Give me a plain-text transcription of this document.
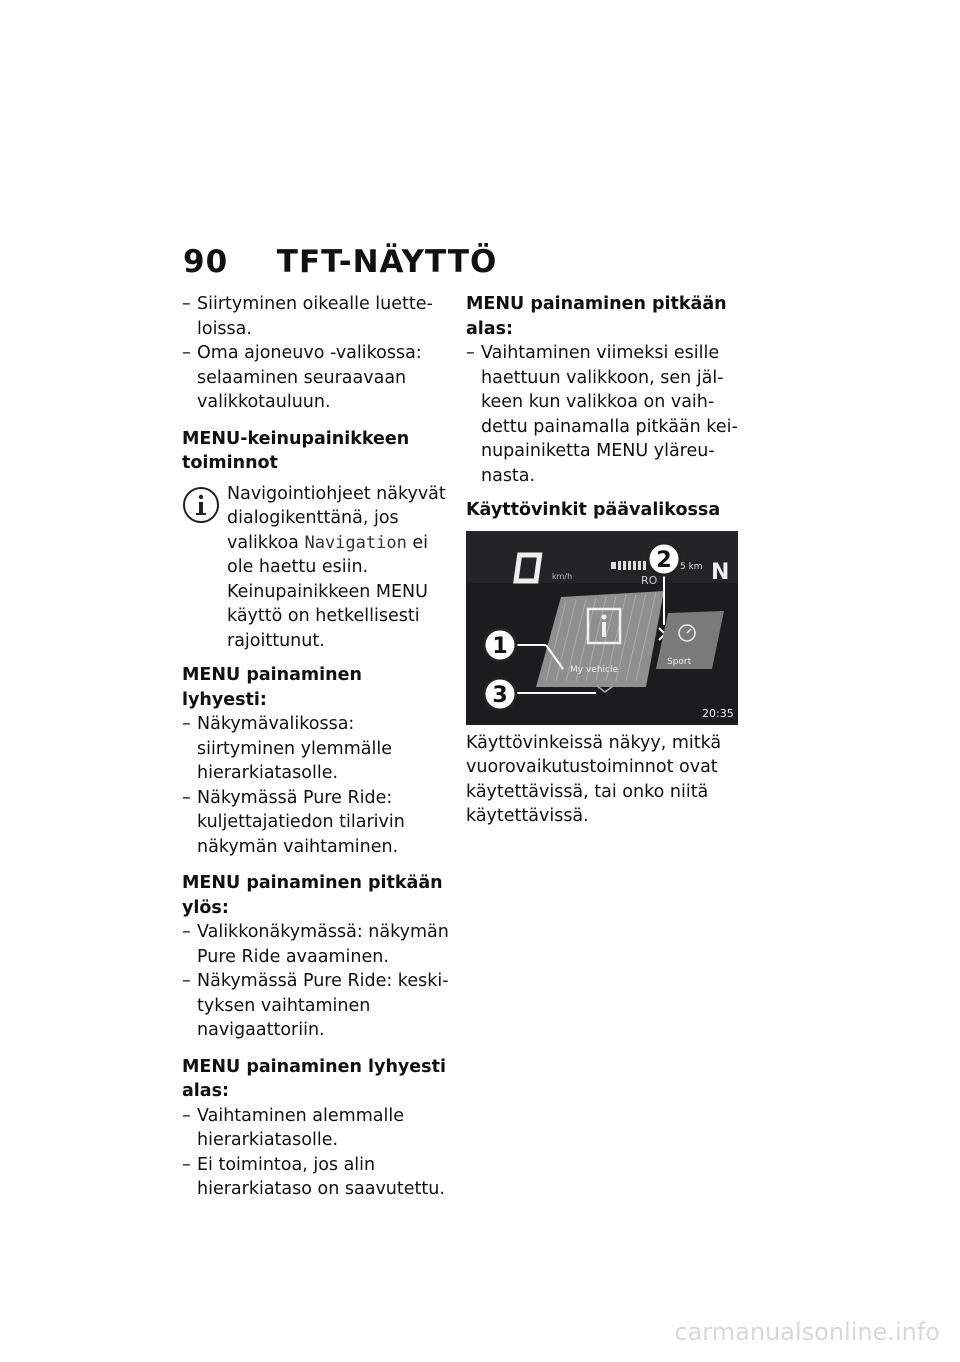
90 TFT-NÄYTTÖ

– Siirtyminen oikealle luetteloissa.

– Oma ajoneuvo -valikossa: selaaminen seuraavaan valikkotauluun.

MENU-keinupainikkeen toiminnot

Navigointiohjeet näkyvät dialogikenttänä, jos valikkoa Navigation ei ole haettu esiin. Keinupainikkeen MENU käyttö on hetkellisesti rajoittunut.

MENU painaminen lyhyesti:

– Näkymävalikossa: siirtyminen ylemmälle hierarkiatasolle.

– Näkymässä Pure Ride: kuljettajatiedon tilarivin näkymän vaihtaminen.

MENU painaminen pitkään ylös:

– Valikkonäkymässä: näkymän Pure Ride avaaminen.

– Näkymässä Pure Ride: keskityksen vaihtaminen navigaattoriin.

MENU painaminen lyhyesti alas:

– Vaihtaminen alemmalle hierarkiatasolle.

– Ei toimintoa, jos alin hierarkiataso on saavutettu.

MENU painaminen pitkään alas:

– Vaihtaminen viimeksi esille haettuun valikkoon, sen jälkeen kun valikkoa on vaihdettu painamalla pitkään keinupainiketta MENU yläreunasta.

Käyttövinkit päävalikossa

km/h	RO
5 km N
My vehicle
Sport
20:35
1
2
3

Käyttövinkeissä näkyy, mitkä vuorovaikutustoiminnot ovat käytettävissä, tai onko niitä käytettävissä.

carmanualsonline.info
